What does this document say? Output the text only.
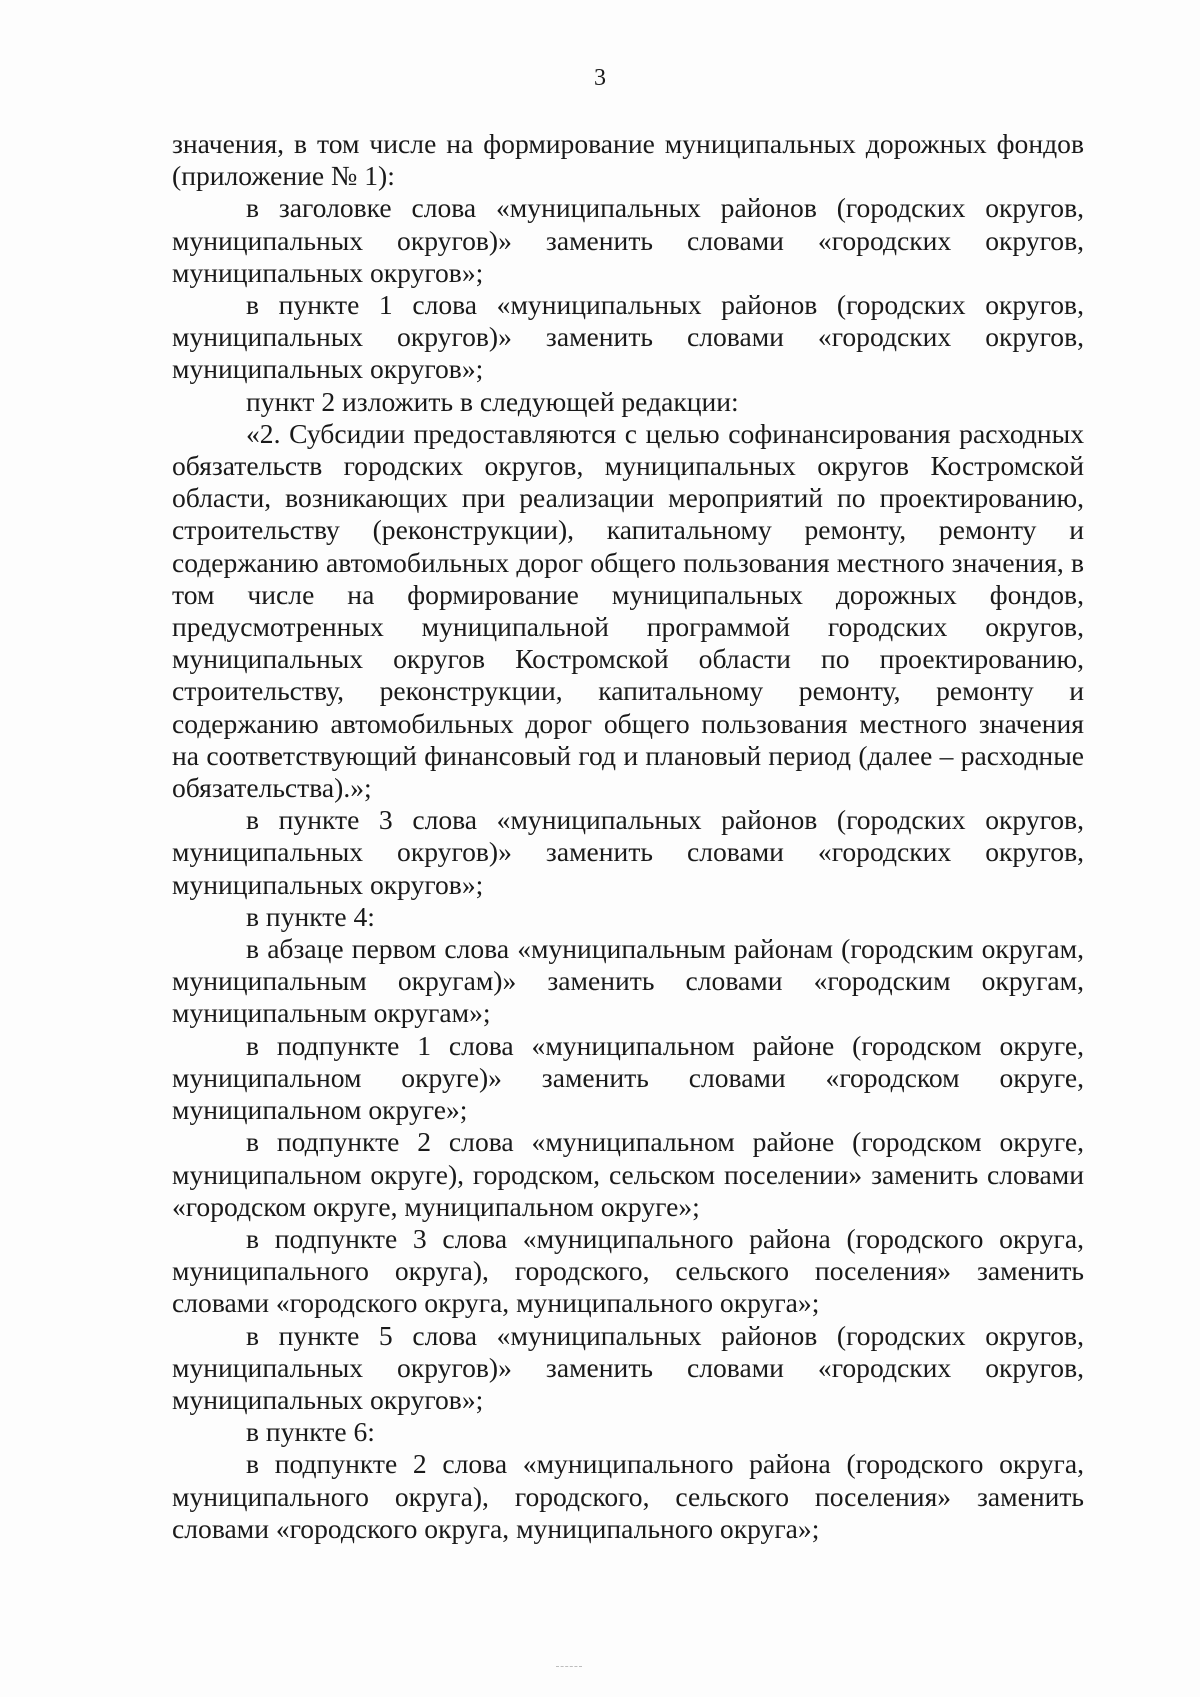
3

значения, в том числе на формирование муниципальных дорожных фондов (приложение № 1):

в заголовке слова «муниципальных районов (городских округов, муниципальных округов)» заменить словами «городских округов, муниципальных округов»;

в пункте 1 слова «муниципальных районов (городских округов, муниципальных округов)» заменить словами «городских округов, муниципальных округов»;

пункт 2 изложить в следующей редакции:

«2. Субсидии предоставляются с целью софинансирования расходных обязательств городских округов, муниципальных округов Костромской области, возникающих при реализации мероприятий по проектированию, строительству (реконструкции), капитальному ремонту, ремонту и содержанию автомобильных дорог общего пользования местного значения, в том числе на формирование муниципальных дорожных фондов, предусмотренных муниципальной программой городских округов, муниципальных округов Костромской области по проектированию, строительству, реконструкции, капитальному ремонту, ремонту и содержанию автомобильных дорог общего пользования местного значения на соответствующий финансовый год и плановый период (далее – расходные обязательства).»;

в пункте 3 слова «муниципальных районов (городских округов, муниципальных округов)» заменить словами «городских округов, муниципальных округов»;

в пункте 4:

в абзаце первом слова «муниципальным районам (городским округам, муниципальным округам)» заменить словами «городским округам, муниципальным округам»;

в подпункте 1 слова «муниципальном районе (городском округе, муниципальном округе)» заменить словами «городском округе, муниципальном округе»;

в подпункте 2 слова «муниципальном районе (городском округе, муниципальном округе), городском, сельском поселении» заменить словами «городском округе, муниципальном округе»;

в подпункте 3 слова «муниципального района (городского округа, муниципального округа), городского, сельского поселения» заменить словами «городского округа, муниципального округа»;

в пункте 5 слова «муниципальных районов (городских округов, муниципальных округов)» заменить словами «городских округов, муниципальных округов»;

в пункте 6:

в подпункте 2 слова «муниципального района (городского округа, муниципального округа), городского, сельского поселения» заменить словами «городского округа, муниципального округа»;
